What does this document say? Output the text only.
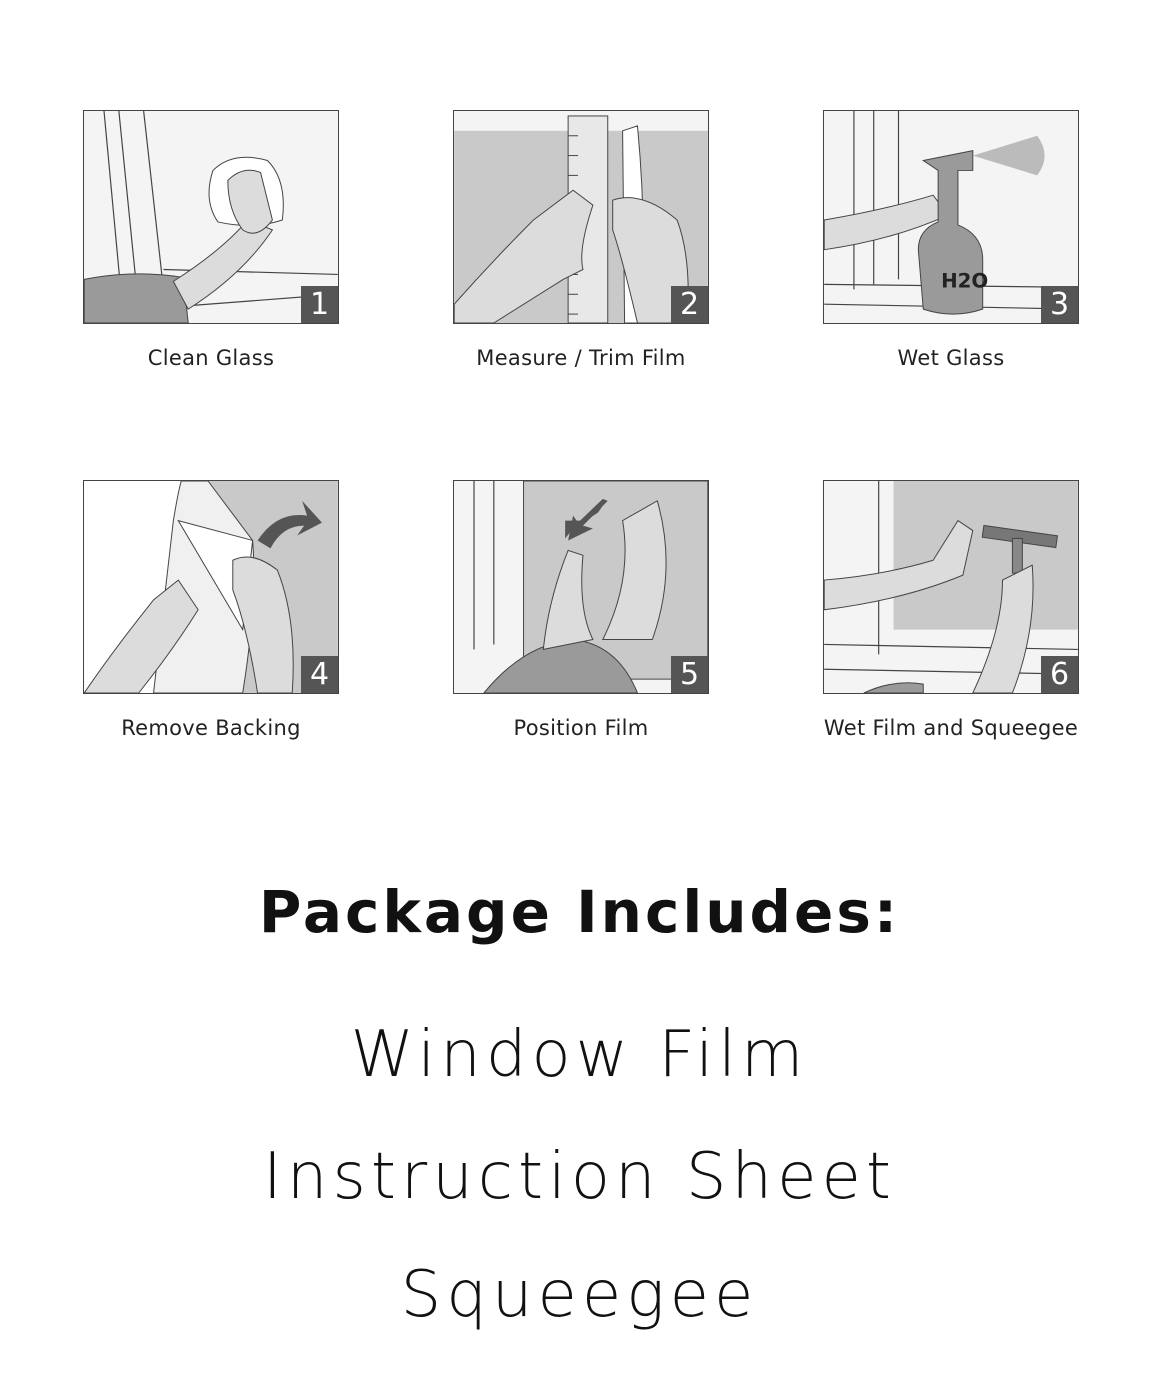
1
Clean Glass
2
Measure / Trim Film
H2O
3
Wet Glass
4
Remove Backing
5
Position Film
6
Wet Film and Squeegee
Package Includes:
Window Film
Instruction Sheet
Squeegee
